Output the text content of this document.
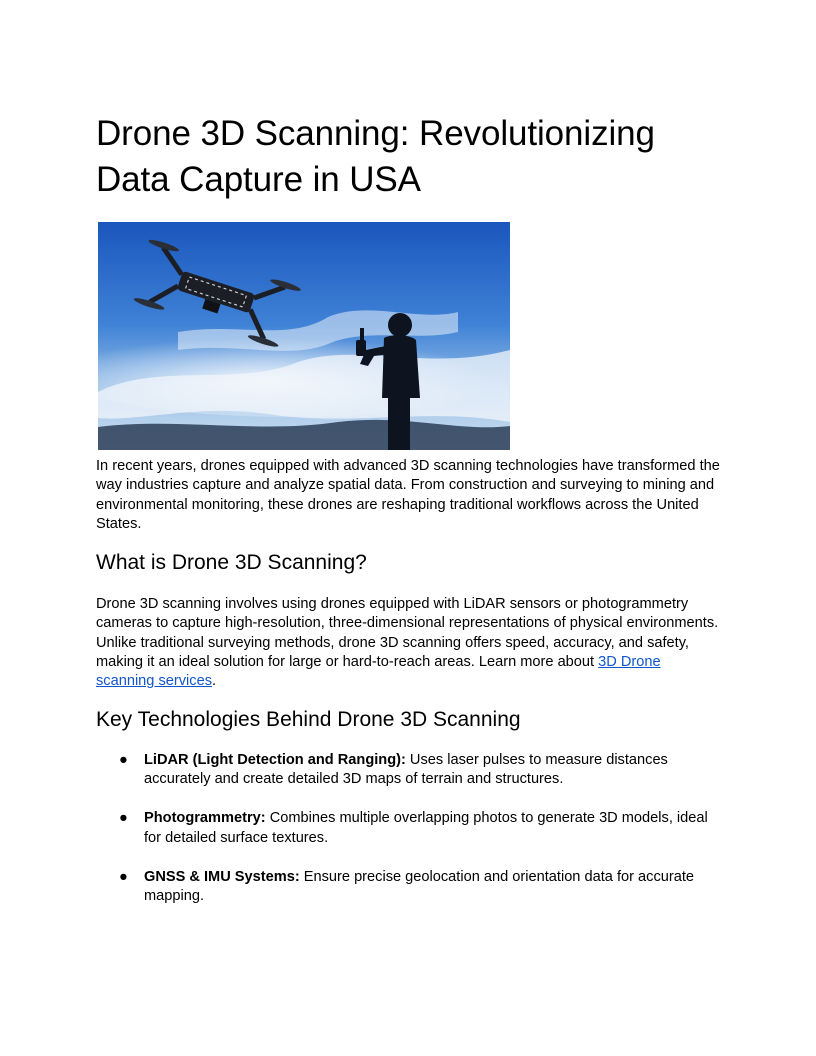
Drone 3D Scanning: Revolutionizing Data Capture in USA

In recent years, drones equipped with advanced 3D scanning technologies have transformed the way industries capture and analyze spatial data. From construction and surveying to mining and environmental monitoring, these drones are reshaping traditional workflows across the United States.

What is Drone 3D Scanning?

Drone 3D scanning involves using drones equipped with LiDAR sensors or photogrammetry cameras to capture high-resolution, three-dimensional representations of physical environments. Unlike traditional surveying methods, drone 3D scanning offers speed, accuracy, and safety, making it an ideal solution for large or hard-to-reach areas. Learn more about 3D Drone scanning services.

Key Technologies Behind Drone 3D Scanning
● LiDAR (Light Detection and Ranging): Uses laser pulses to measure distances accurately and create detailed 3D maps of terrain and structures.
● Photogrammetry: Combines multiple overlapping photos to generate 3D models, ideal for detailed surface textures.
● GNSS & IMU Systems: Ensure precise geolocation and orientation data for accurate mapping.
